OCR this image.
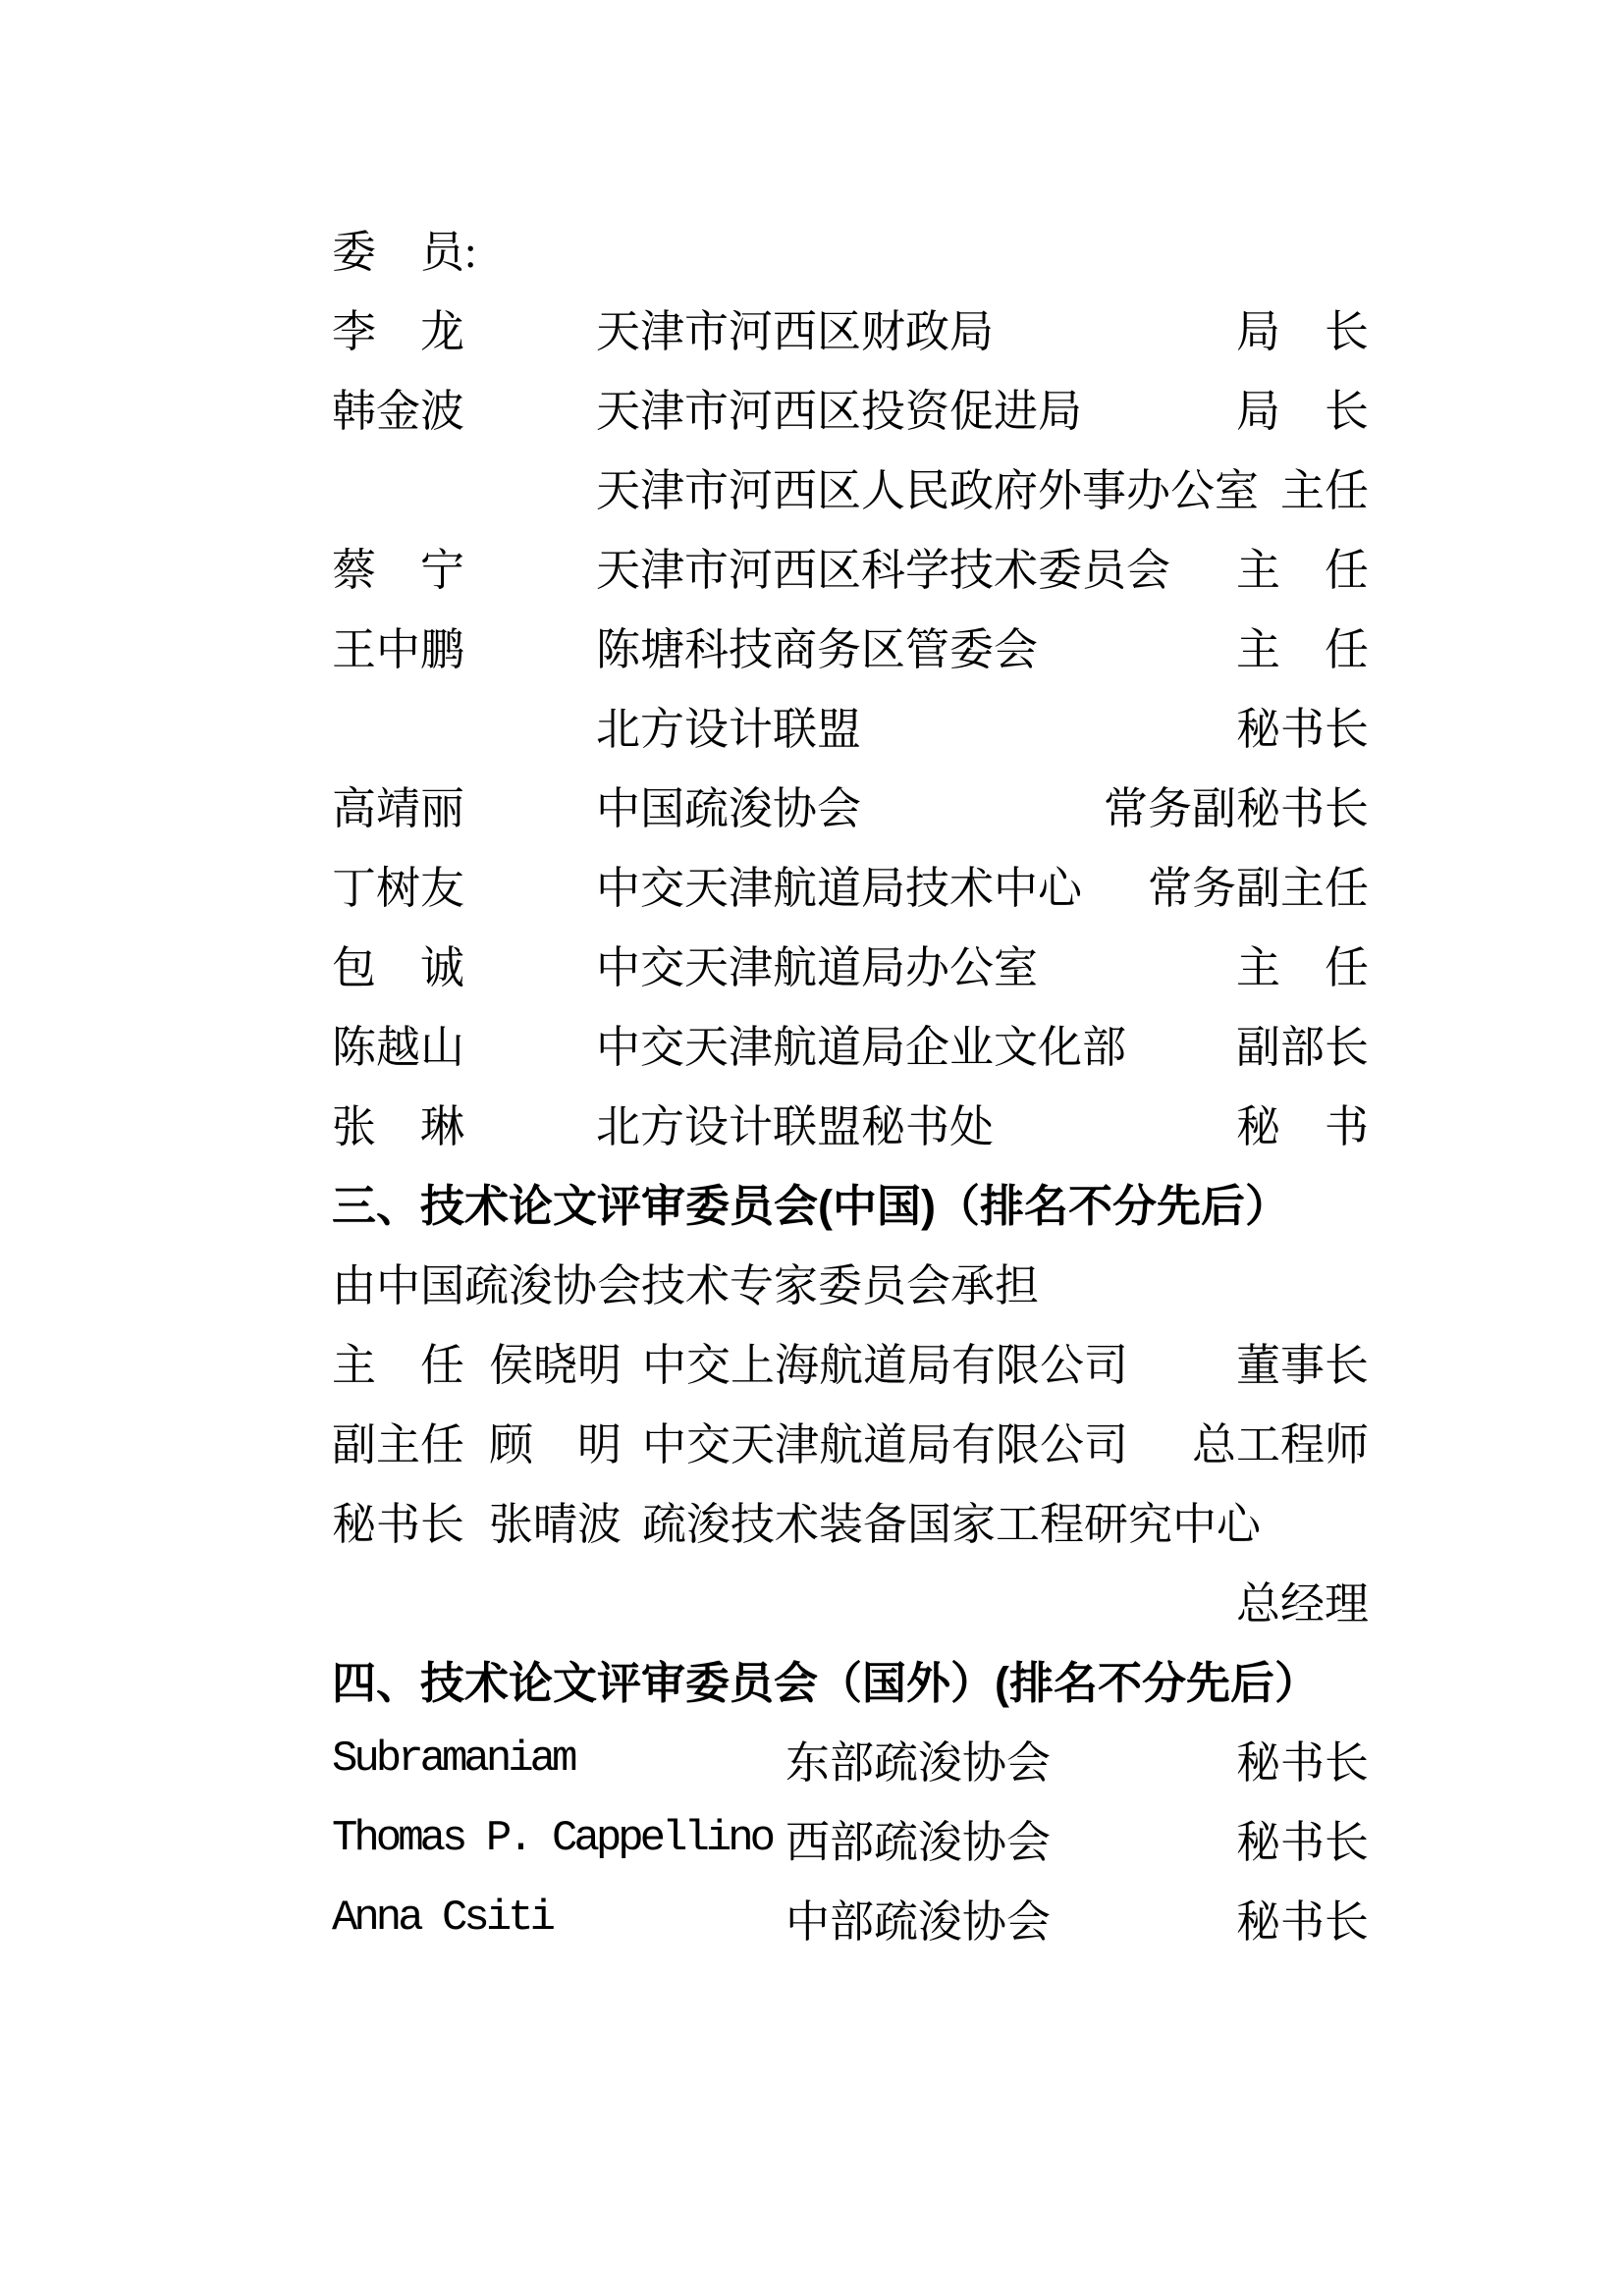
委　员:
李　龙	天津市河西区财政局	局　长
韩金波	天津市河西区投资促进局	局　长
天津市河西区人民政府外事办公室 主任
蔡　宁	天津市河西区科学技术委员会 主　任
王中鹏	陈塘科技商务区管委会	主　任
北方设计联盟	秘书长
高靖丽	中国疏浚协会	常务副秘书长
丁树友	中交天津航道局技术中心 常务副主任
包　诚	中交天津航道局办公室	主　任
陈越山	中交天津航道局企业文化部 副部长
张　琳	北方设计联盟秘书处	秘　书
三、技术论文评审委员会(中国)（排名不分先后）
由中国疏浚协会技术专家委员会承担
主　任 侯晓明 中交上海航道局有限公司 董事长
副主任 顾　明 中交天津航道局有限公司 总工程师
秘书长 张晴波 疏浚技术装备国家工程研究中心
总经理
四、技术论文评审委员会（国外）(排名不分先后）
Subramaniam	东部疏浚协会	秘书长
Thomas P. Cappellino 西部疏浚协会	秘书长
Anna Csiti	中部疏浚协会	秘书长
